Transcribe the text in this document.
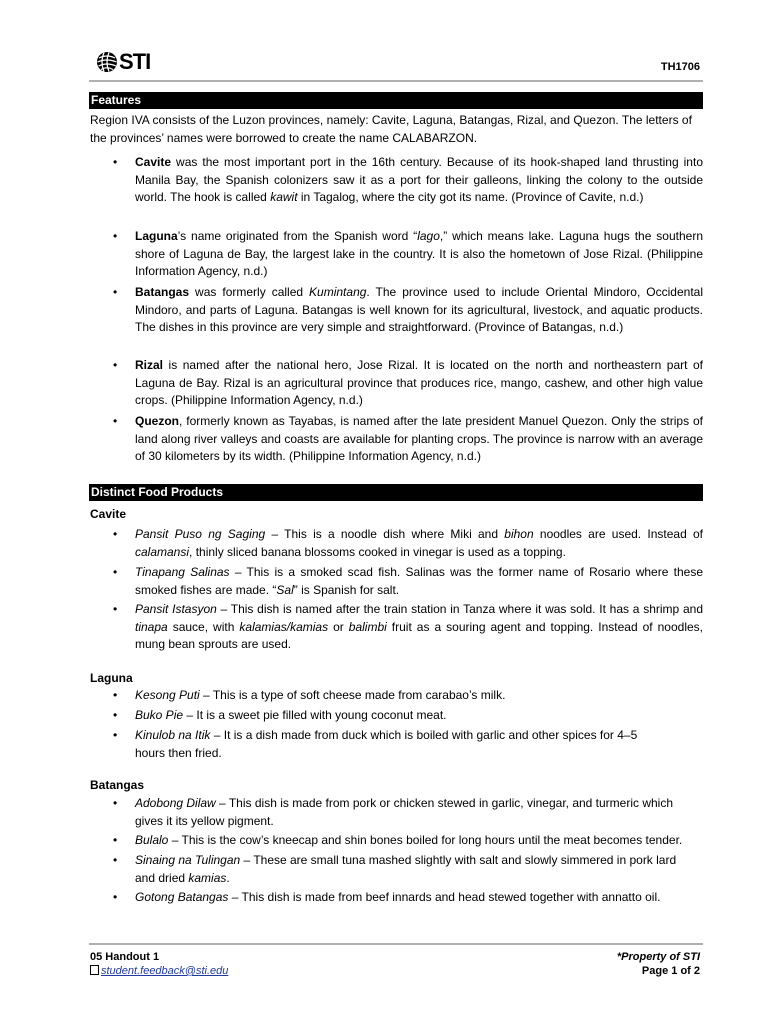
STI	TH1706
Features
Region IVA consists of the Luzon provinces, namely: Cavite, Laguna, Batangas, Rizal, and Quezon. The letters of the provinces’ names were borrowed to create the name CALABARZON.
• Cavite was the most important port in the 16th century. Because of its hook-shaped land thrusting into Manila Bay, the Spanish colonizers saw it as a port for their galleons, linking the colony to the outside world. The hook is called kawit in Tagalog, where the city got its name. (Province of Cavite, n.d.)
• Laguna’s name originated from the Spanish word “lago,” which means lake. Laguna hugs the southern shore of Laguna de Bay, the largest lake in the country. It is also the hometown of Jose Rizal. (Philippine Information Agency, n.d.)
• Batangas was formerly called Kumintang. The province used to include Oriental Mindoro, Occidental Mindoro, and parts of Laguna. Batangas is well known for its agricultural, livestock, and aquatic products. The dishes in this province are very simple and straightforward. (Province of Batangas, n.d.)
• Rizal is named after the national hero, Jose Rizal. It is located on the north and northeastern part of Laguna de Bay. Rizal is an agricultural province that produces rice, mango, cashew, and other high value crops. (Philippine Information Agency, n.d.)
• Quezon, formerly known as Tayabas, is named after the late president Manuel Quezon. Only the strips of land along river valleys and coasts are available for planting crops. The province is narrow with an average of 30 kilometers by its width. (Philippine Information Agency, n.d.)
Distinct Food Products
Cavite
• Pansit Puso ng Saging – This is a noodle dish where Miki and bihon noodles are used. Instead of calamansi, thinly sliced banana blossoms cooked in vinegar is used as a topping.
• Tinapang Salinas – This is a smoked scad fish. Salinas was the former name of Rosario where these smoked fishes are made. “Sal” is Spanish for salt.
• Pansit Istasyon – This dish is named after the train station in Tanza where it was sold. It has a shrimp and tinapa sauce, with kalamias/kamias or balimbi fruit as a souring agent and topping. Instead of noodles, mung bean sprouts are used.
Laguna
• Kesong Puti – This is a type of soft cheese made from carabao’s milk.
• Buko Pie – It is a sweet pie filled with young coconut meat.
• Kinulob na Itik – It is a dish made from duck which is boiled with garlic and other spices for 4–5 hours then fried.
Batangas
• Adobong Dilaw – This dish is made from pork or chicken stewed in garlic, vinegar, and turmeric which gives it its yellow pigment.
• Bulalo – This is the cow’s kneecap and shin bones boiled for long hours until the meat becomes tender.
• Sinaing na Tulingan – These are small tuna mashed slightly with salt and slowly simmered in pork lard and dried kamias.
• Gotong Batangas – This dish is made from beef innards and head stewed together with annatto oil.
05 Handout 1
student.feedback@sti.edu
*Property of STI
Page 1 of 2
